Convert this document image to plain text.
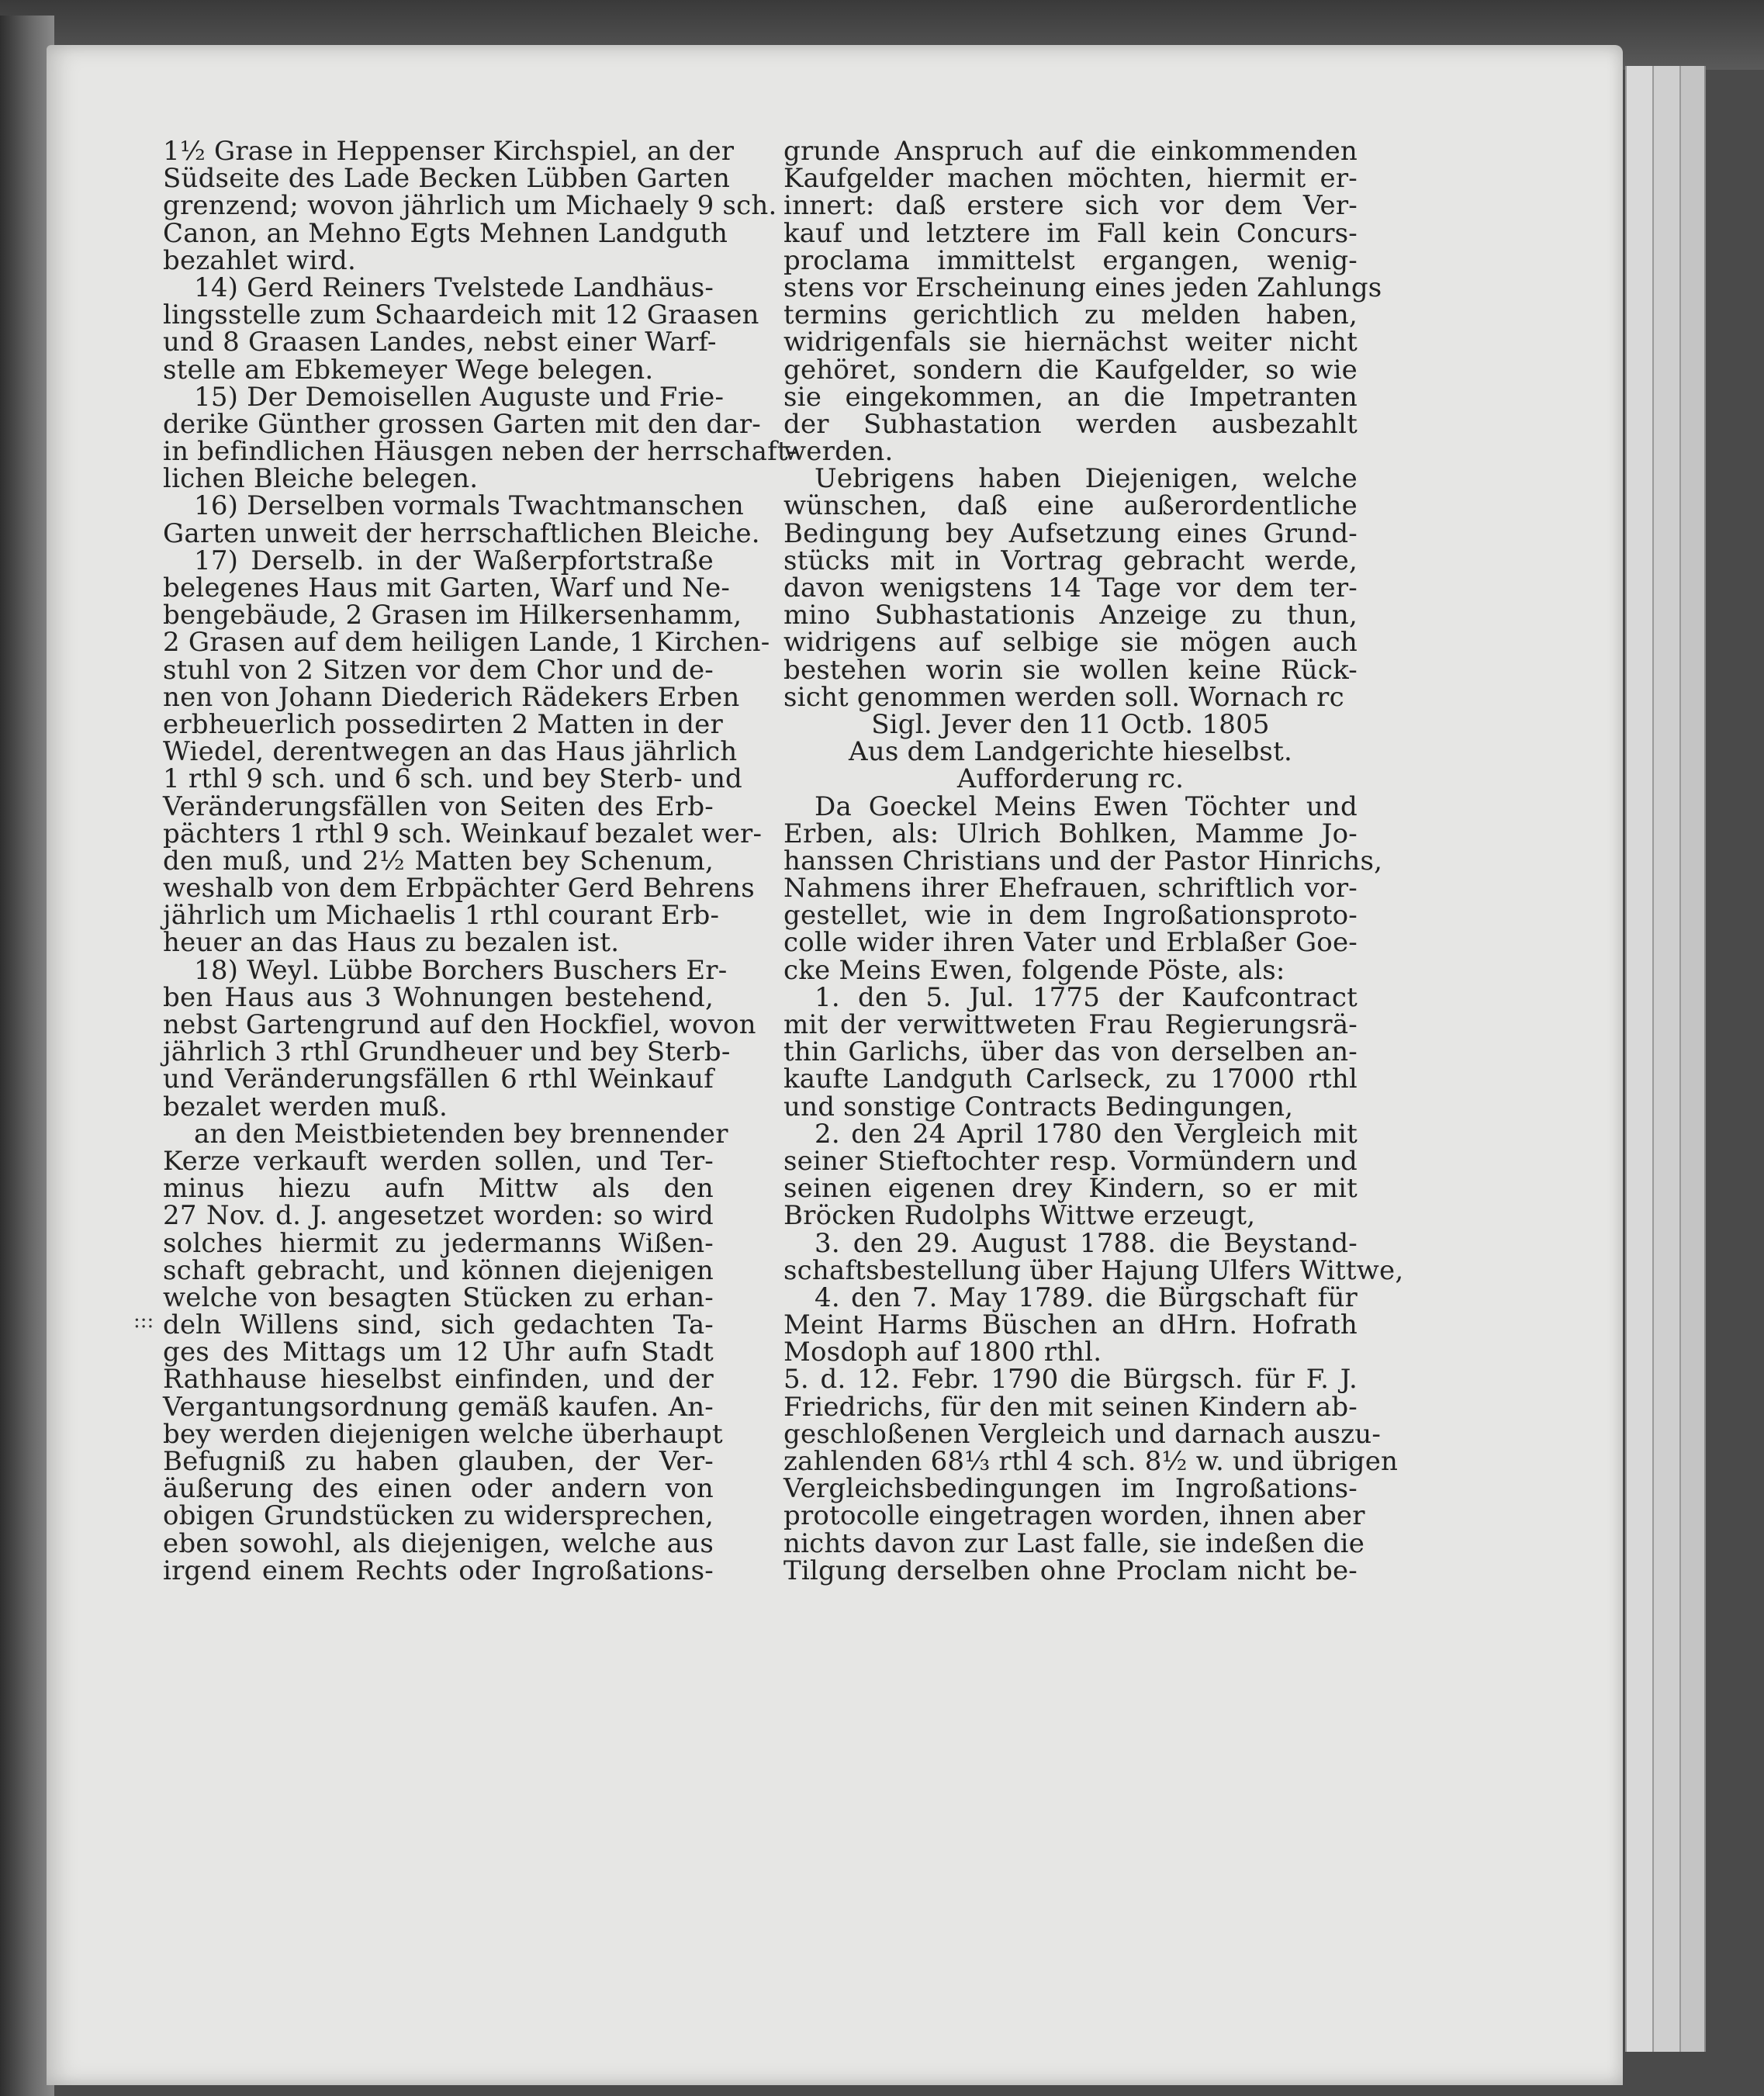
:::
1½ Grase in Heppenser Kirchspiel, an der
Südseite des Lade Becken Lübben Garten
grenzend; wovon jährlich um Michaely 9 sch.
Canon, an Mehno Egts Mehnen Landguth
bezahlet wird.
14) Gerd Reiners Tvelstede Landhäus-
lingsstelle zum Schaardeich mit 12 Graasen
und 8 Graasen Landes, nebst einer Warf-
stelle am Ebkemeyer Wege belegen.
15) Der Demoisellen Auguste und Frie-
derike Günther grossen Garten mit den dar-
in befindlichen Häusgen neben der herrschaft-
lichen Bleiche belegen.
16) Derselben vormals Twachtmanschen
Garten unweit der herrschaftlichen Bleiche.
17) Derselb. in der Waßerpfortstraße
belegenes Haus mit Garten, Warf und Ne-
bengebäude, 2 Grasen im Hilkersenhamm,
2 Grasen auf dem heiligen Lande, 1 Kirchen-
stuhl von 2 Sitzen vor dem Chor und de-
nen von Johann Diederich Rädekers Erben
erbheuerlich possedirten 2 Matten in der
Wiedel, derentwegen an das Haus jährlich
1 rthl 9 sch. und 6 sch. und bey Sterb- und
Veränderungsfällen von Seiten des Erb-
pächters 1 rthl 9 sch. Weinkauf bezalet wer-
den muß, und 2½ Matten bey Schenum,
weshalb von dem Erbpächter Gerd Behrens
jährlich um Michaelis 1 rthl courant Erb-
heuer an das Haus zu bezalen ist.
18) Weyl. Lübbe Borchers Buschers Er-
ben Haus aus 3 Wohnungen bestehend,
nebst Gartengrund auf den Hockfiel, wovon
jährlich 3 rthl Grundheuer und bey Sterb-
und Veränderungsfällen 6 rthl Weinkauf
bezalet werden muß.
an den Meistbietenden bey brennender
Kerze verkauft werden sollen, und Ter-
minus hiezu aufn Mittw als den
27 Nov. d. J. angesetzet worden: so wird
solches hiermit zu jedermanns Wißen-
schaft gebracht, und können diejenigen
welche von besagten Stücken zu erhan-
deln Willens sind, sich gedachten Ta-
ges des Mittags um 12 Uhr aufn Stadt
Rathhause hieselbst einfinden, und der
Vergantungsordnung gemäß kaufen. An-
bey werden diejenigen welche überhaupt
Befugniß zu haben glauben, der Ver-
äußerung des einen oder andern von
obigen Grundstücken zu widersprechen,
eben sowohl, als diejenigen, welche aus
irgend einem Rechts oder Ingroßations-
grunde Anspruch auf die einkommenden
Kaufgelder machen möchten, hiermit er-
innert: daß erstere sich vor dem Ver-
kauf und letztere im Fall kein Concurs-
proclama immittelst ergangen, wenig-
stens vor Erscheinung eines jeden Zahlungs
termins gerichtlich zu melden haben,
widrigenfals sie hiernächst weiter nicht
gehöret, sondern die Kaufgelder, so wie
sie eingekommen, an die Impetranten
der Subhastation werden ausbezahlt
werden.
Uebrigens haben Diejenigen, welche
wünschen, daß eine außerordentliche
Bedingung bey Aufsetzung eines Grund-
stücks mit in Vortrag gebracht werde,
davon wenigstens 14 Tage vor dem ter-
mino Subhastationis Anzeige zu thun,
widrigens auf selbige sie mögen auch
bestehen worin sie wollen keine Rück-
sicht genommen werden soll. Wornach rc
Sigl. Jever den 11 Octb. 1805
Aus dem Landgerichte hieselbst.
Aufforderung rc.
Da Goeckel Meins Ewen Töchter und
Erben, als: Ulrich Bohlken, Mamme Jo-
hanssen Christians und der Pastor Hinrichs,
Nahmens ihrer Ehefrauen, schriftlich vor-
gestellet, wie in dem Ingroßationsproto-
colle wider ihren Vater und Erblaßer Goe-
cke Meins Ewen, folgende Pöste, als:
1. den 5. Jul. 1775 der Kaufcontract
mit der verwittweten Frau Regierungsrä-
thin Garlichs, über das von derselben an-
kaufte Landguth Carlseck, zu 17000 rthl
und sonstige Contracts Bedingungen,
2. den 24 April 1780 den Vergleich mit
seiner Stieftochter resp. Vormündern und
seinen eigenen drey Kindern, so er mit
Bröcken Rudolphs Wittwe erzeugt,
3. den 29. August 1788. die Beystand-
schaftsbestellung über Hajung Ulfers Wittwe,
4. den 7. May 1789. die Bürgschaft für
Meint Harms Büschen an dHrn. Hofrath
Mosdoph auf 1800 rthl.
5. d. 12. Febr. 1790 die Bürgsch. für F. J.
Friedrichs, für den mit seinen Kindern ab-
geschloßenen Vergleich und darnach auszu-
zahlenden 68⅓ rthl 4 sch. 8½ w. und übrigen
Vergleichsbedingungen im Ingroßations-
protocolle eingetragen worden, ihnen aber
nichts davon zur Last falle, sie indeßen die
Tilgung derselben ohne Proclam nicht be-
